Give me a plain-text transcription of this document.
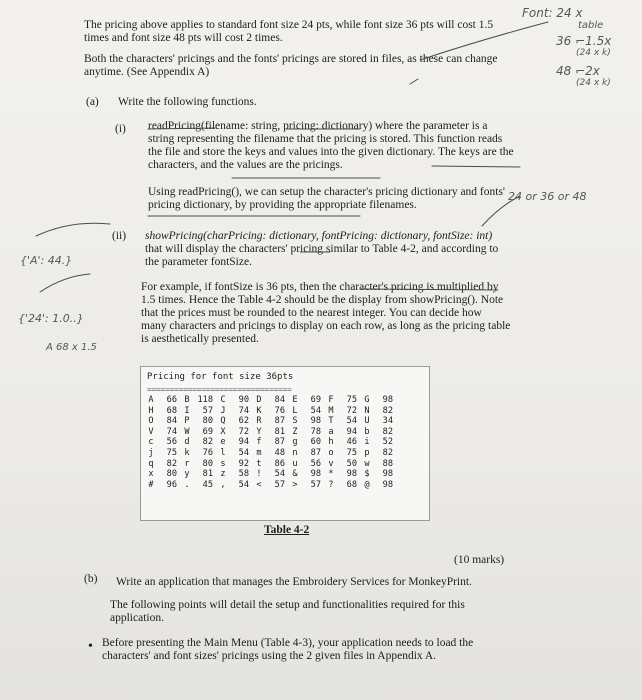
The pricing above applies to standard font size 24 pts, while font size 36 pts will cost 1.5
times and font size 48 pts will cost 2 times.
Both the characters' pricings and the fonts' pricings are stored in files, as these can change
anytime. (See Appendix A)
(a) Write the following functions.
(i) readPricing(filename: string, pricing: dictionary) where the parameter is a
string representing the filename that the pricing is stored. This function reads
the file and store the keys and values into the given dictionary. The keys are the
characters, and the values are the pricings.
Using readPricing(), we can setup the character's pricing dictionary and fonts'
pricing dictionary, by providing the appropriate filenames.
(ii) showPricing(charPricing: dictionary, fontPricing: dictionary, fontSize: int)
that will display the characters' pricing similar to Table 4-2, and according to
the parameter fontSize.
For example, if fontSize is 36 pts, then the character's pricing is multiplied by
1.5 times. Hence the Table 4-2 should be the display from showPricing(). Note
that the prices must be rounded to the nearest integer. You can decide how
many characters and pricings to display on each row, as long as the pricing table
is aesthetically presented.
Pricing for font size 36pts
================================
A 66 B 118 C 90 D 84 E 69 F 75 G 98
H 68 I 57 J 74 K 76 L 54 M 72 N 82
O 84 P 80 Q 62 R 87 S 98 T 54 U 34
V 74 W 69 X 72 Y 81 Z 78 a 94 b 82
c 56 d 82 e 94 f 87 g 60 h 46 i 52
j 75 k 76 l 54 m 48 n 87 o 75 p 82
q 82 r 80 s 92 t 86 u 56 v 50 w 88
x 80 y 81 z 58 ! 54 & 98 * 98 $ 98
# 96 . 45 , 54 < 57 > 57 ? 68 @ 98
Table 4-2
(10 marks)
(b) Write an application that manages the Embroidery Services for MonkeyPrint.
The following points will detail the setup and functionalities required for this
application.
• Before presenting the Main Menu (Table 4-3), your application needs to load the
characters' and font sizes' pricings using the 2 given files in Appendix A.
Font: 24 x
table
36 ⌐1.5x
(24 x k)
48 ⌐2x
(24 x k)
24 or 36 or 48
{'A': 44.}
{'24': 1.0..}
A 68 x 1.5
